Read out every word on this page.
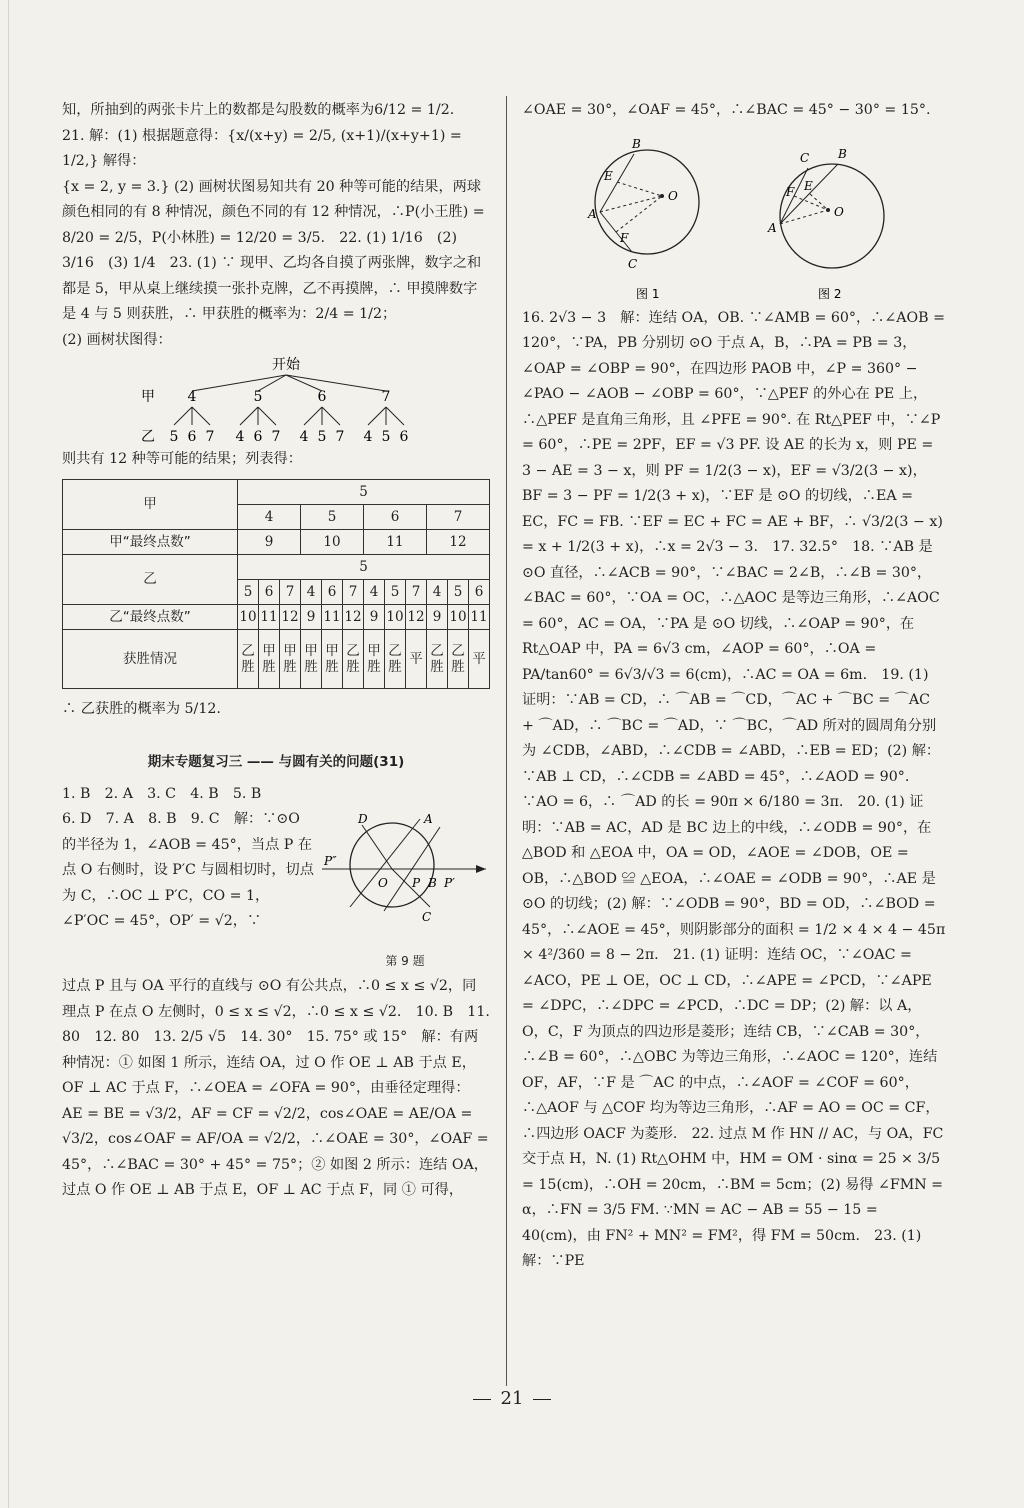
知，所抽到的两张卡片上的数都是勾股数的概率为6/12 = 1/2.

21. 解：(1) 根据题意得：{x/(x+y) = 2/5, (x+1)/(x+y+1) = 1/2,} 解得：

{x = 2, y = 3.} (2) 画树状图易知共有 20 种等可能的结果，两球颜色相同的有 8 种情况，颜色不同的有 12 种情况，∴P(小王胜) = 8/20 = 2/5，P(小林胜) = 12/20 = 3/5.　22. (1) 1/16　(2) 3/16　(3) 1/4　23. (1) ∵ 现甲、乙均各自摸了两张牌，数字之和都是 5，甲从桌上继续摸一张扑克牌，乙不再摸牌，∴ 甲摸牌数字是 4 与 5 则获胜，∴ 甲获胜的概率为：2/4 = 1/2；

(2) 画树状图得：

开始
甲 4	5	6	7
乙 5 6 7 4 6 7 4 5 7 4 5 6

则共有 12 种等可能的结果；列表得：

甲	5											
	4			5			6			7		
甲“最终点数”	9			10			11			12		
乙	5											
	5	6	7	4	6	7	4	5	7	4	5	6
乙“最终点数”	10	11	12	9	11	12	9	10	12	9	10	11
获胜情况	乙胜	甲胜	甲胜	甲胜	甲胜	乙胜	甲胜	乙胜	平	乙胜	乙胜	平

∴ 乙获胜的概率为 5/12.

期末专题复习三 —— 与圆有关的问题(31)

1. B　2. A　3. C　4. B　5. B

D	A
P″
O	B
P P′
C
第 9 题

6. D　7. A　8. B　9. C　解：∵⊙O 的半径为 1，∠AOB = 45°，当点 P 在点 O 右侧时，设 P′C 与圆相切时，切点为 C，∴OC ⊥ P′C，CO = 1，∠P′OC = 45°，OP′ = √2，∵

过点 P 且与 OA 平行的直线与 ⊙O 有公共点，∴0 ≤ x ≤ √2，同理点 P 在点 O 左侧时，0 ≤ x ≤ √2，∴0 ≤ x ≤ √2.　10. B　11. 80　12. 80　13. 2/5 √5　14. 30°　15. 75° 或 15°　解：有两种情况：① 如图 1 所示，连结 OA，过 O 作 OE ⊥ AB 于点 E，OF ⊥ AC 于点 F，∴∠OEA = ∠OFA = 90°，由垂径定理得：AE = BE = √3/2，AF = CF = √2/2，cos∠OAE = AE/OA = √3/2，cos∠OAF = AF/OA = √2/2，∴∠OAE = 30°，∠OAF = 45°，∴∠BAC = 30° + 45° = 75°；② 如图 2 所示：连结 OA，过点 O 作 OE ⊥ AB 于点 E，OF ⊥ AC 于点 F，同 ① 可得，

∠OAE = 30°，∠OAF = 45°，∴∠BAC = 45° − 30° = 15°.

B
E
O
A
F
C
图 1
B
C
F E
O
A
图 2

16. 2√3 − 3　解：连结 OA，OB. ∵∠AMB = 60°，∴∠AOB = 120°，∵PA，PB 分别切 ⊙O 于点 A，B，∴PA = PB = 3，∠OAP = ∠OBP = 90°，在四边形 PAOB 中，∠P = 360° − ∠PAO − ∠AOB − ∠OBP = 60°，∵△PEF 的外心在 PE 上，∴△PEF 是直角三角形，且 ∠PFE = 90°. 在 Rt△PEF 中，∵∠P = 60°，∴PE = 2PF，EF = √3 PF. 设 AE 的长为 x，则 PE = 3 − AE = 3 − x，则 PF = 1/2(3 − x)，EF = √3/2(3 − x)，BF = 3 − PF = 1/2(3 + x)，∵EF 是 ⊙O 的切线，∴EA = EC，FC = FB. ∵EF = EC + FC = AE + BF，∴ √3/2(3 − x) = x + 1/2(3 + x)，∴x = 2√3 − 3.　17. 32.5°　18. ∵AB 是 ⊙O 直径，∴∠ACB = 90°，∵∠BAC = 2∠B，∴∠B = 30°，∠BAC = 60°，∵OA = OC，∴△AOC 是等边三角形，∴∠AOC = 60°，AC = OA，∵PA 是 ⊙O 切线，∴∠OAP = 90°，在 Rt△OAP 中，PA = 6√3 cm，∠AOP = 60°，∴OA = PA/tan60° = 6√3/√3 = 6(cm)，∴AC = OA = 6m.　19. (1) 证明：∵AB = CD，∴ ⌒AB = ⌒CD，⌒AC + ⌒BC = ⌒AC + ⌒AD，∴ ⌒BC = ⌒AD，∵ ⌒BC，⌒AD 所对的圆周角分别为 ∠CDB，∠ABD，∴∠CDB = ∠ABD，∴EB = ED；(2) 解：∵AB ⊥ CD，∴∠CDB = ∠ABD = 45°，∴∠AOD = 90°. ∵AO = 6，∴ ⌒AD 的长 = 90π × 6/180 = 3π.　20. (1) 证明：∵AB = AC，AD 是 BC 边上的中线，∴∠ODB = 90°，在 △BOD 和 △EOA 中，OA = OD，∠AOE = ∠DOB，OE = OB，∴△BOD ≌ △EOA，∴∠OAE = ∠ODB = 90°，∴AE 是 ⊙O 的切线；(2) 解：∵∠ODB = 90°，BD = OD，∴∠BOD = 45°，∴∠AOE = 45°，则阴影部分的面积 = 1/2 × 4 × 4 − 45π × 4²/360 = 8 − 2π.　21. (1) 证明：连结 OC，∵∠OAC = ∠ACO，PE ⊥ OE，OC ⊥ CD，∴∠APE = ∠PCD，∵∠APE = ∠DPC，∴∠DPC = ∠PCD，∴DC = DP；(2) 解：以 A，O，C，F 为顶点的四边形是菱形；连结 CB，∵∠CAB = 30°，∴∠B = 60°，∴△OBC 为等边三角形，∴∠AOC = 120°，连结 OF，AF，∵F 是 ⌒AC 的中点，∴∠AOF = ∠COF = 60°，∴△AOF 与 △COF 均为等边三角形，∴AF = AO = OC = CF，∴四边形 OACF 为菱形.　22. 过点 M 作 HN // AC，与 OA，FC 交于点 H，N. (1) Rt△OHM 中，HM = OM · sinα = 25 × 3/5 = 15(cm)，∴OH = 20cm，∴BM = 5cm；(2) 易得 ∠FMN = α，∴FN = 3/5 FM. ∵MN = AC − AB = 55 − 15 = 40(cm)，由 FN² + MN² = FM²，得 FM = 50cm.　23. (1) 解：∵PE

21
